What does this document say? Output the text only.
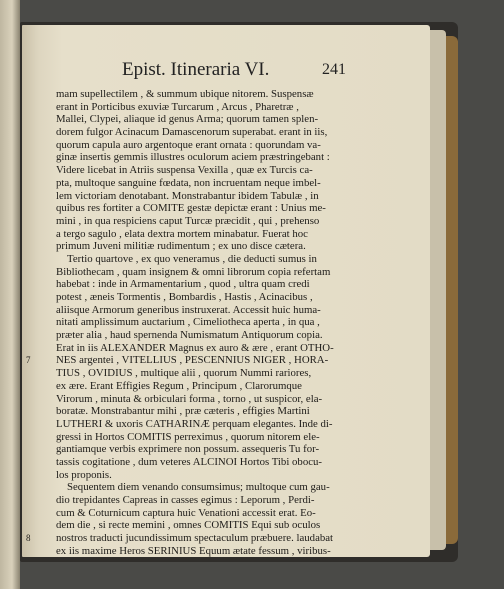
Epist. Itineraria VI.	241
mam supellectilem , & summum ubique nitorem. Suspensæ
erant in Porticibus exuviæ Turcarum , Arcus , Pharetræ ,
Mallei, Clypei, aliaque id genus Arma; quorum tamen splen-
dorem fulgor Acinacum Damascenorum superabat. erant in iis,
quorum capula auro argentoque erant ornata : quorundam va-
ginæ insertis gemmis illustres oculorum aciem præstringebant :
Videre licebat in Atriis suspensa Vexilla , quæ ex Turcis ca-
pta, multoque sanguine fœdata, non incruentam neque imbel-
lem victoriam denotabant. Monstrabantur ibidem Tabulæ , in
quibus res fortiter a COMITE gestæ depictæ erant : Unius me-
mini , in qua respiciens caput Turcæ præcidit , qui , prehenso
a tergo sagulo , elata dextra mortem minabatur. Fuerat hoc
primum Juveni militiæ rudimentum ; ex uno disce cætera.
Tertio quartove , ex quo veneramus , die deducti sumus in
Bibliothecam , quam insignem & omni librorum copia refertam
habebat : inde in Armamentarium , quod , ultra quam credi
potest , æneis Tormentis , Bombardis , Hastis , Acinacibus ,
aliisque Armorum generibus instruxerat. Accessit huic huma-
nitati amplissimum auctarium , Cimeliotheca aperta , in qua ,
præter alia , haud spernenda Numismatum Antiquorum copia.
Erat in iis ALEXANDER Magnus ex auro & ære , erant OTHO-
NES argentei , VITELLIUS , PESCENNIUS NIGER , HORA-
TIUS , OVIDIUS , multique alii , quorum Nummi rariores,
ex ære. Erant Effigies Regum , Principum , Clarorumque
Virorum , minuta & orbiculari forma , torno , ut suspicor, ela-
boratæ. Monstrabantur mihi , præ cæteris , effigies Martini
LUTHERI & uxoris CATHARINÆ perquam elegantes. Inde di-
gressi in Hortos COMITIS perreximus , quorum nitorem ele-
gantiamque verbis exprimere non possum. assequeris Tu for-
tassis cogitatione , dum veteres ALCINOI Hortos Tibi obocu-
los proponis.
Sequentem diem venando consumsimus; multoque cum gau-
dio trepidantes Capreas in casses egimus : Leporum , Perdi-
cum & Coturnicum captura huic Venationi accessit erat. Eo-
dem die , si recte memini , omnes COMITIS Equi sub oculos
nostros traducti jucundissimum spectaculum præbuere. laudabat
ex iis maxime Heros SERINIUS Equum ætate fessum , viribus-
7
8
